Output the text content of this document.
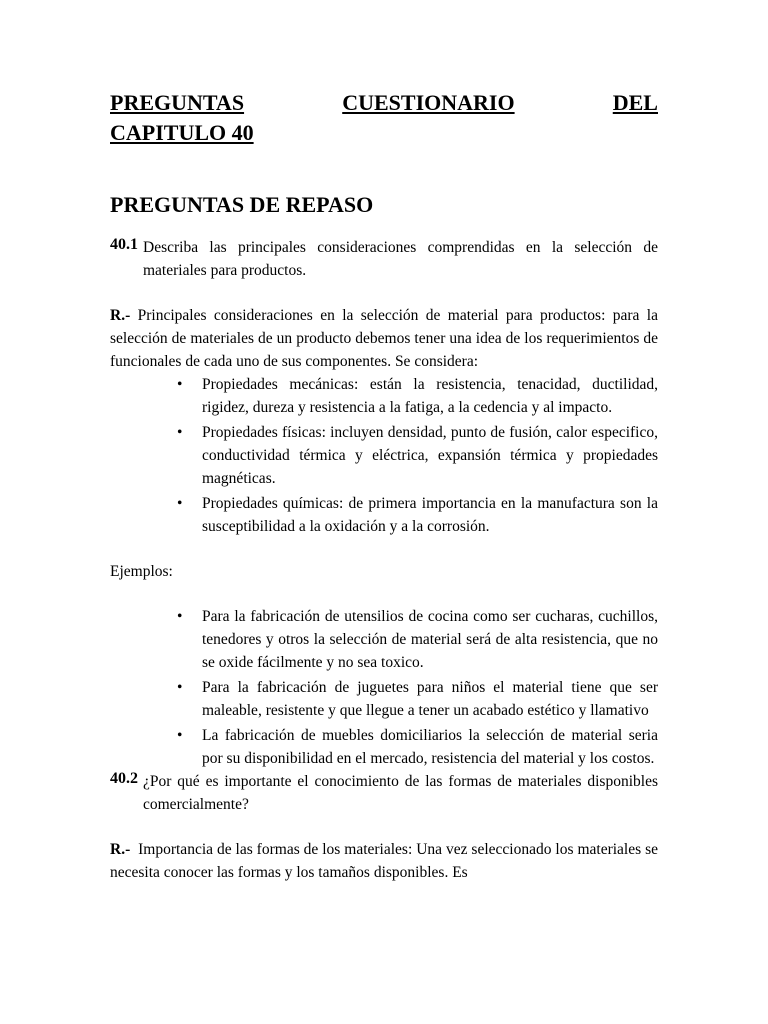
PREGUNTAS	CUESTIONARIO	DEL
CAPITULO 40
PREGUNTAS DE REPASO
40.1 Describa las principales consideraciones comprendidas en la selección de materiales para productos.

R.- Principales consideraciones en la selección de material para productos: para la selección de materiales de un producto debemos tener una idea de los requerimientos de funcionales de cada uno de sus componentes. Se considera:

• Propiedades mecánicas: están la resistencia, tenacidad, ductilidad, rigidez, dureza y resistencia a la fatiga, a la cedencia y al impacto.
• Propiedades físicas: incluyen densidad, punto de fusión, calor especifico, conductividad térmica y eléctrica, expansión térmica y propiedades magnéticas.
• Propiedades químicas: de primera importancia en la manufactura son la susceptibilidad a la oxidación y a la corrosión.

Ejemplos:

• Para la fabricación de utensilios de cocina como ser cucharas, cuchillos, tenedores y otros la selección de material será de alta resistencia, que no se oxide fácilmente y no sea toxico.
• Para la fabricación de juguetes para niños el material tiene que ser maleable, resistente y que llegue a tener un acabado estético y llamativo
• La fabricación de muebles domiciliarios la selección de material seria por su disponibilidad en el mercado, resistencia del material y los costos.
40.2 ¿Por qué es importante el conocimiento de las formas de materiales disponibles comercialmente?

R.-  Importancia de las formas de los materiales: Una vez seleccionado los materiales se necesita conocer las formas y los tamaños disponibles. Es
